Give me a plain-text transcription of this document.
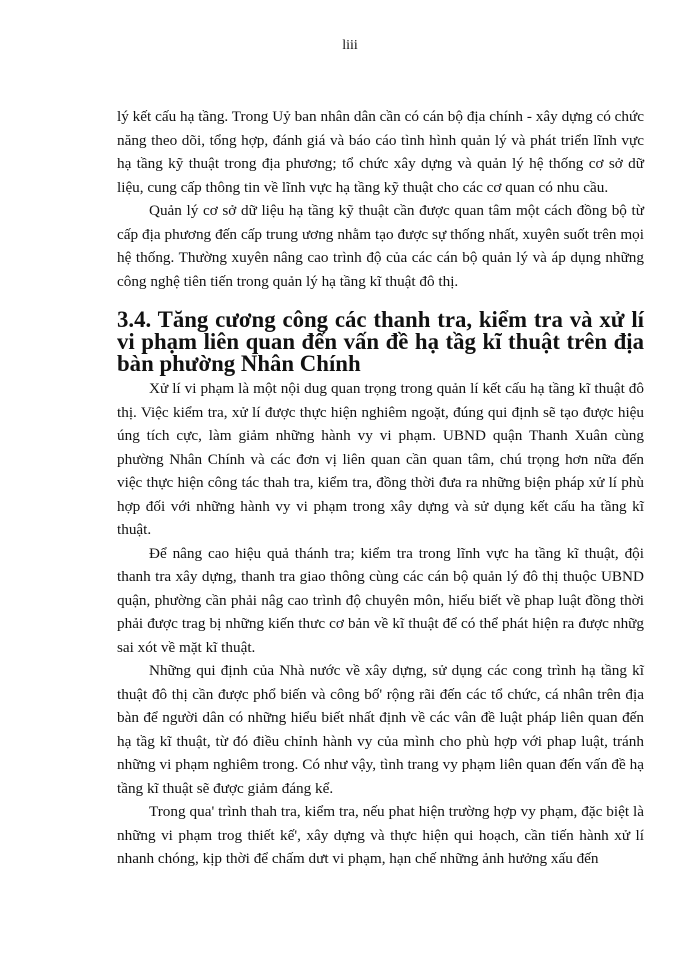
liii

lý kết cấu hạ tầng. Trong Uỷ ban nhân dân cần có cán bộ địa chính - xây dựng có chức năng theo dõi, tổng hợp, đánh giá và báo cáo tình hình quản lý và phát triển lĩnh vực hạ tầng kỹ thuật trong địa phương; tổ chức xây dựng và quản lý hệ thống cơ sở dữ liệu, cung cấp thông tin về lĩnh vực hạ tầng kỹ thuật cho các cơ quan có nhu cầu.

Quản lý cơ sở dữ liệu hạ tầng kỹ thuật cần được quan tâm một cách đồng bộ từ cấp địa phương đến cấp trung ương nhằm tạo được sự thống nhất, xuyên suốt trên mọi hệ thống. Thường xuyên nâng cao trình độ của các cán bộ quản lý và áp dụng những công nghệ tiên tiến trong quản lý hạ tầng kĩ thuật đô thị.

3.4. Tăng cương công các thanh tra, kiểm tra và xử lí vi phạm liên quan đến vấn đề hạ tầg kĩ thuật trên địa bàn phường Nhân Chính

Xử lí vi phạm là một nội dug quan trọng trong quản lí kết cấu hạ tầng kĩ thuật đô thị. Việc kiểm tra, xử lí được thực hiện nghiêm ngoặt, đúng qui định sẽ tạo được hiệu úng tích cực, làm giảm những hành vy vi phạm. UBND quận Thanh Xuân cùng phường Nhân Chính và các đơn vị liên quan cần quan tâm, chú trọng hơn nữa đến việc thực hiện công tác thah tra, kiểm tra, đồng thời đưa ra những biện pháp xử lí phù hợp đối với những hành vy vi phạm trong xây dựng và sử dụng kết cấu ha tầng kĩ thuật.

Để nâng cao hiệu quả thánh tra; kiểm tra trong lĩnh vực ha tầng kĩ thuật, đội thanh tra xây dựng, thanh tra giao thông cùng các cán bộ quản lý đô thị thuộc UBND quận, phường cần phải nâg cao trình độ chuyên môn, hiểu biết về phap luật đồng thời phải được trag bị những kiến thưc cơ bản về kĩ thuật để có thể phát hiện ra được nhữg sai xót về mặt kĩ thuật.

Những qui định của Nhà nước về xây dựng, sử dụng các cong trình hạ tầng kĩ thuật đô thị cần được phổ biến và công bố' rộng rãi đến các tổ chức, cá nhân trên địa bàn để người dân có những hiểu biết nhất định về các vân đề luật pháp liên quan đến hạ tầg kĩ thuật, từ đó điều chỉnh hành vy của mình cho phù hợp với phap luật, tránh những vi phạm nghiêm trong. Có như vậy, tình trang vy phạm liên quan đến vấn đề hạ tầng kĩ thuật sẽ được giảm đáng kể.

Trong qua' trình thah tra, kiểm tra, nếu phat hiện trường hợp vy phạm, đặc biệt là những vi phạm trog thiết kế', xây dựng và thực hiện qui hoạch, cần tiến hành xử lí nhanh chóng, kịp thời để chấm dưt vi phạm, hạn chế những ảnh hưởng xấu đến
